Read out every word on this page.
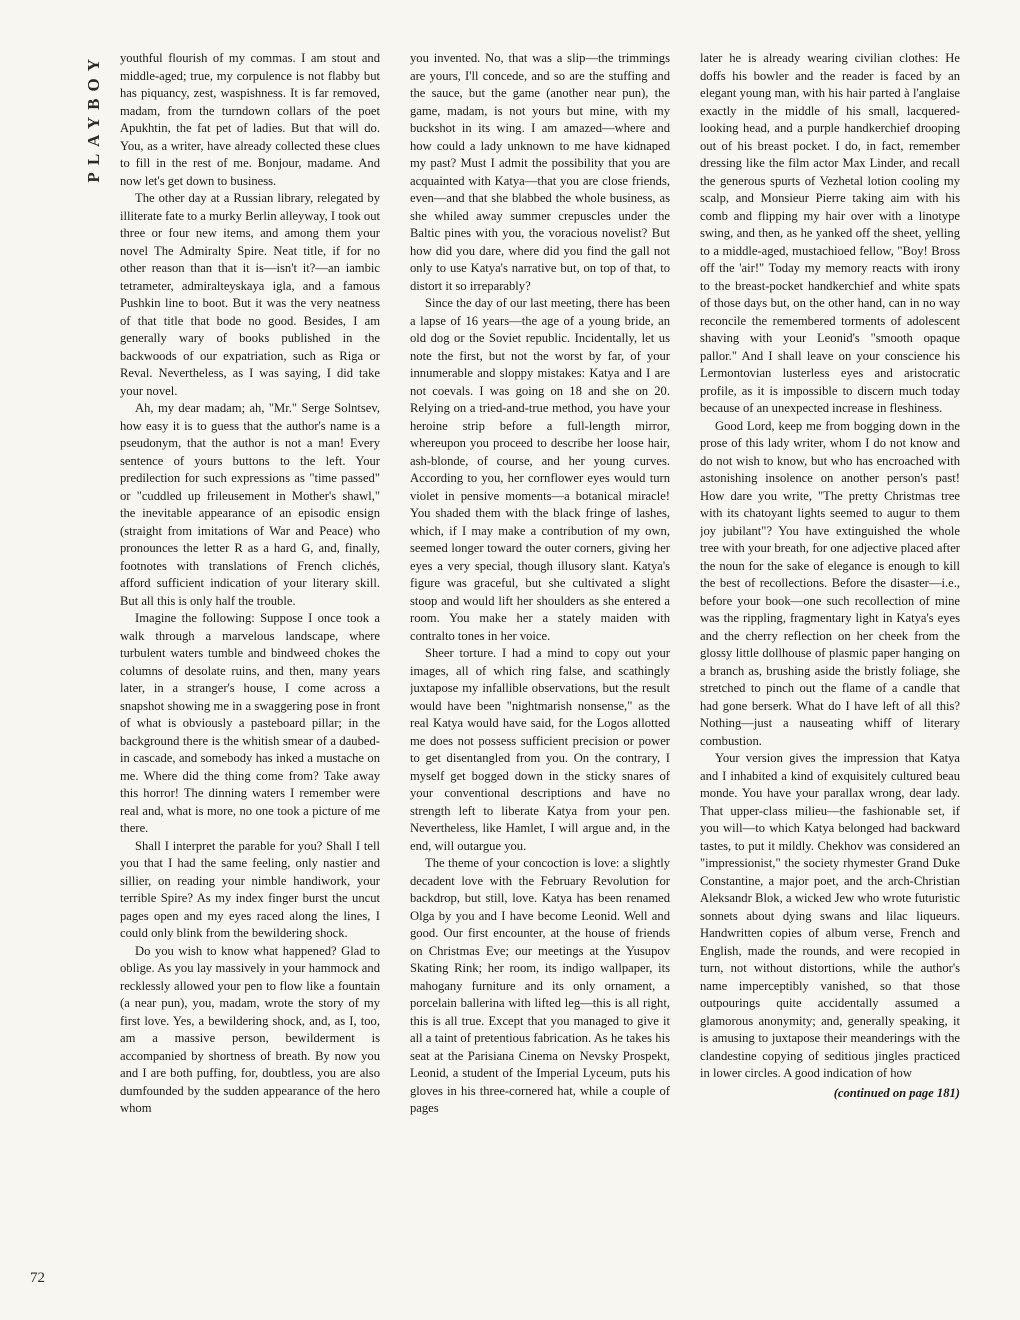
PLAYBOY
72

youthful flourish of my commas. I am stout and middle-aged; true, my corpulence is not flabby but has piquancy, zest, waspishness. It is far removed, madam, from the turndown collars of the poet Apukhtin, the fat pet of ladies. But that will do. You, as a writer, have already collected these clues to fill in the rest of me. Bonjour, madame. And now let's get down to business.

The other day at a Russian library, relegated by illiterate fate to a murky Berlin alleyway, I took out three or four new items, and among them your novel The Admiralty Spire. Neat title, if for no other reason than that it is—isn't it?—an iambic tetrameter, admiralteyskaya igla, and a famous Pushkin line to boot. But it was the very neatness of that title that bode no good. Besides, I am generally wary of books published in the backwoods of our expatriation, such as Riga or Reval. Nevertheless, as I was saying, I did take your novel.

Ah, my dear madam; ah, "Mr." Serge Solntsev, how easy it is to guess that the author's name is a pseudonym, that the author is not a man! Every sentence of yours buttons to the left. Your predilection for such expressions as "time passed" or "cuddled up frileusement in Mother's shawl," the inevitable appearance of an episodic ensign (straight from imitations of War and Peace) who pronounces the letter R as a hard G, and, finally, footnotes with translations of French clichés, afford sufficient indication of your literary skill. But all this is only half the trouble.

Imagine the following: Suppose I once took a walk through a marvelous landscape, where turbulent waters tumble and bindweed chokes the columns of desolate ruins, and then, many years later, in a stranger's house, I come across a snapshot showing me in a swaggering pose in front of what is obviously a pasteboard pillar; in the background there is the whitish smear of a daubed-in cascade, and somebody has inked a mustache on me. Where did the thing come from? Take away this horror! The dinning waters I remember were real and, what is more, no one took a picture of me there.

Shall I interpret the parable for you? Shall I tell you that I had the same feeling, only nastier and sillier, on reading your nimble handiwork, your terrible Spire? As my index finger burst the uncut pages open and my eyes raced along the lines, I could only blink from the bewildering shock.

Do you wish to know what happened? Glad to oblige. As you lay massively in your hammock and recklessly allowed your pen to flow like a fountain (a near pun), you, madam, wrote the story of my first love. Yes, a bewildering shock, and, as I, too, am a massive person, bewilderment is accompanied by shortness of breath. By now you and I are both puffing, for, doubtless, you are also dumfounded by the sudden appearance of the hero whom

you invented. No, that was a slip—the trimmings are yours, I'll concede, and so are the stuffing and the sauce, but the game (another near pun), the game, madam, is not yours but mine, with my buckshot in its wing. I am amazed—where and how could a lady unknown to me have kidnaped my past? Must I admit the possibility that you are acquainted with Katya—that you are close friends, even—and that she blabbed the whole business, as she whiled away summer crepuscles under the Baltic pines with you, the voracious novelist? But how did you dare, where did you find the gall not only to use Katya's narrative but, on top of that, to distort it so irreparably?

Since the day of our last meeting, there has been a lapse of 16 years—the age of a young bride, an old dog or the Soviet republic. Incidentally, let us note the first, but not the worst by far, of your innumerable and sloppy mistakes: Katya and I are not coevals. I was going on 18 and she on 20. Relying on a tried-and-true method, you have your heroine strip before a full-length mirror, whereupon you proceed to describe her loose hair, ash-blonde, of course, and her young curves. According to you, her cornflower eyes would turn violet in pensive moments—a botanical miracle! You shaded them with the black fringe of lashes, which, if I may make a contribution of my own, seemed longer toward the outer corners, giving her eyes a very special, though illusory slant. Katya's figure was graceful, but she cultivated a slight stoop and would lift her shoulders as she entered a room. You make her a stately maiden with contralto tones in her voice.

Sheer torture. I had a mind to copy out your images, all of which ring false, and scathingly juxtapose my infallible observations, but the result would have been "nightmarish nonsense," as the real Katya would have said, for the Logos allotted me does not possess sufficient precision or power to get disentangled from you. On the contrary, I myself get bogged down in the sticky snares of your conventional descriptions and have no strength left to liberate Katya from your pen. Nevertheless, like Hamlet, I will argue and, in the end, will outargue you.

The theme of your concoction is love: a slightly decadent love with the February Revolution for backdrop, but still, love. Katya has been renamed Olga by you and I have become Leonid. Well and good. Our first encounter, at the house of friends on Christmas Eve; our meetings at the Yusupov Skating Rink; her room, its indigo wallpaper, its mahogany furniture and its only ornament, a porcelain ballerina with lifted leg—this is all right, this is all true. Except that you managed to give it all a taint of pretentious fabrication. As he takes his seat at the Parisiana Cinema on Nevsky Prospekt, Leonid, a student of the Imperial Lyceum, puts his gloves in his three-cornered hat, while a couple of pages

later he is already wearing civilian clothes: He doffs his bowler and the reader is faced by an elegant young man, with his hair parted à l'anglaise exactly in the middle of his small, lacquered-looking head, and a purple handkerchief drooping out of his breast pocket. I do, in fact, remember dressing like the film actor Max Linder, and recall the generous spurts of Vezhetal lotion cooling my scalp, and Monsieur Pierre taking aim with his comb and flipping my hair over with a linotype swing, and then, as he yanked off the sheet, yelling to a middle-aged, mustachioed fellow, "Boy! Bross off the 'air!" Today my memory reacts with irony to the breast-pocket handkerchief and white spats of those days but, on the other hand, can in no way reconcile the remembered torments of adolescent shaving with your Leonid's "smooth opaque pallor." And I shall leave on your conscience his Lermontovian lusterless eyes and aristocratic profile, as it is impossible to discern much today because of an unexpected increase in fleshiness.

Good Lord, keep me from bogging down in the prose of this lady writer, whom I do not know and do not wish to know, but who has encroached with astonishing insolence on another person's past! How dare you write, "The pretty Christmas tree with its chatoyant lights seemed to augur to them joy jubilant"? You have extinguished the whole tree with your breath, for one adjective placed after the noun for the sake of elegance is enough to kill the best of recollections. Before the disaster—i.e., before your book—one such recollection of mine was the rippling, fragmentary light in Katya's eyes and the cherry reflection on her cheek from the glossy little dollhouse of plasmic paper hanging on a branch as, brushing aside the bristly foliage, she stretched to pinch out the flame of a candle that had gone berserk. What do I have left of all this? Nothing—just a nauseating whiff of literary combustion.

Your version gives the impression that Katya and I inhabited a kind of exquisitely cultured beau monde. You have your parallax wrong, dear lady. That upper-class milieu—the fashionable set, if you will—to which Katya belonged had backward tastes, to put it mildly. Chekhov was considered an "impressionist," the society rhymester Grand Duke Constantine, a major poet, and the arch-Christian Aleksandr Blok, a wicked Jew who wrote futuristic sonnets about dying swans and lilac liqueurs. Handwritten copies of album verse, French and English, made the rounds, and were recopied in turn, not without distortions, while the author's name imperceptibly vanished, so that those outpourings quite accidentally assumed a glamorous anonymity; and, generally speaking, it is amusing to juxtapose their meanderings with the clandestine copying of seditious jingles practiced in lower circles. A good indication of how

(continued on page 181)
